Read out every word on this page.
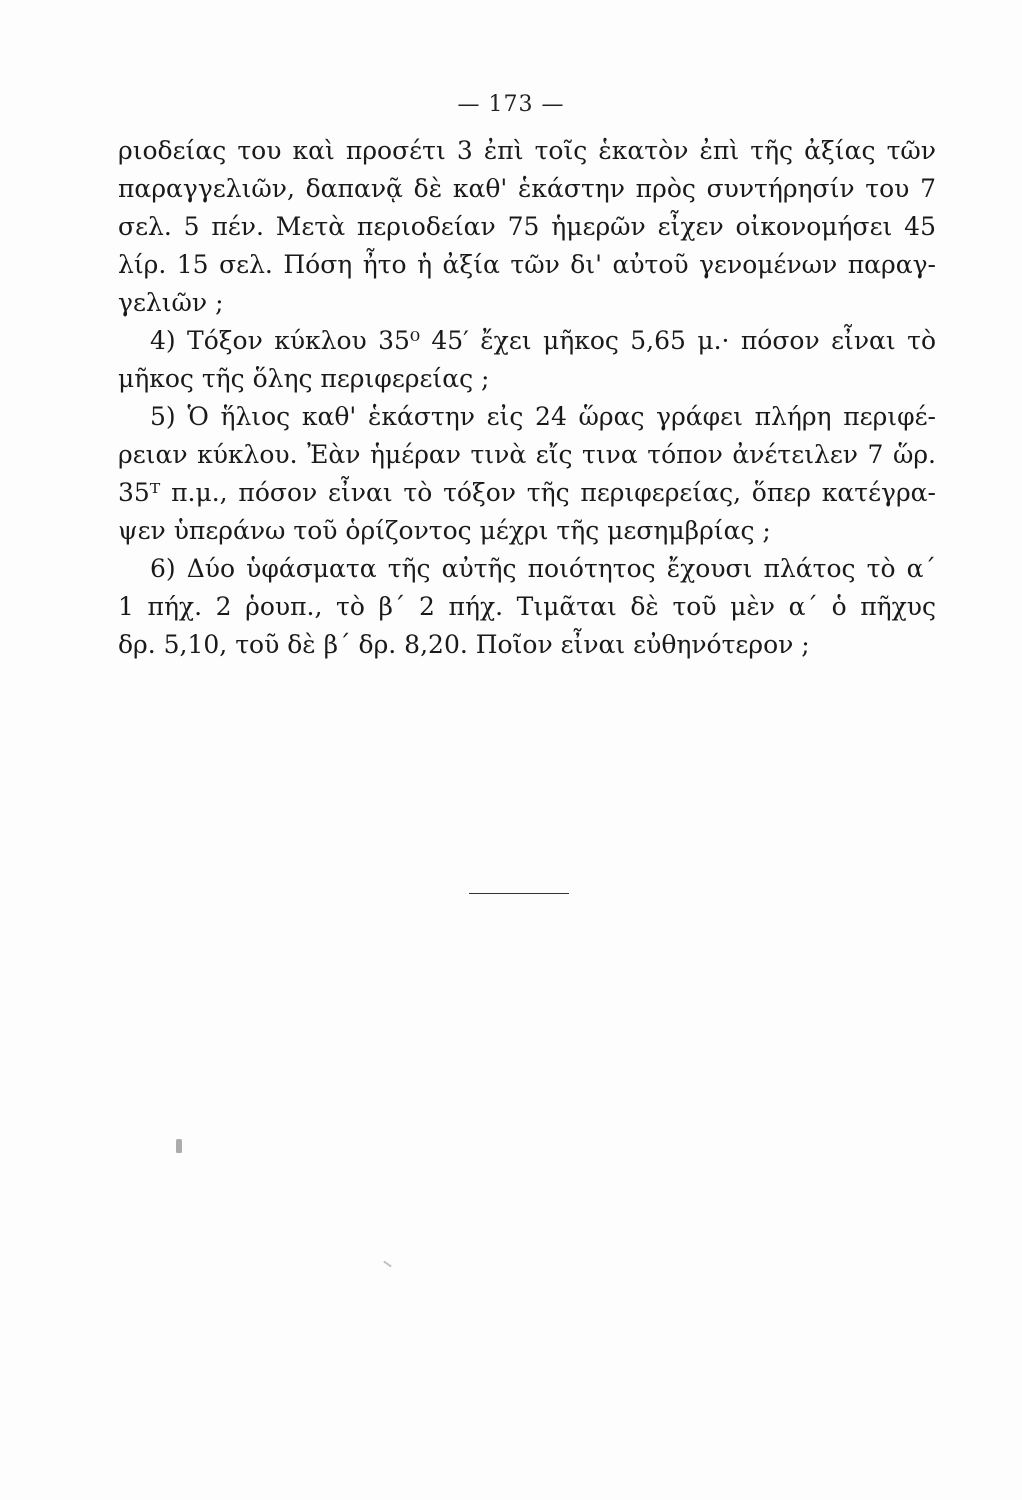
— 173 —
ριοδείας του καὶ προσέτι 3 ἐπὶ τοῖς ἑκατὸν ἐπὶ τῆς ἀξίας τῶν
παραγγελιῶν, δαπανᾷ δὲ καθ' ἑκάστην πρὸς συντήρησίν του 7
σελ. 5 πέν. Μετὰ περιοδείαν 75 ἡμερῶν εἶχεν οἰκονομήσει 45
λίρ. 15 σελ. Πόση ἦτο ἡ ἀξία τῶν δι' αὐτοῦ γενομένων παραγ-
γελιῶν ;
4) Τόξον κύκλου 35⁰ 45′ ἔχει μῆκος 5,65 μ.· πόσον εἶναι τὸ
μῆκος τῆς ὅλης περιφερείας ;
5) Ὁ ἥλιος καθ' ἑκάστην εἰς 24 ὥρας γράφει πλήρη περιφέ-
ρειαν κύκλου. Ἐὰν ἡμέραν τινὰ εἴς τινα τόπον ἀνέτειλεν 7 ὥρ.
35ᵀ π.μ., πόσον εἶναι τὸ τόξον τῆς περιφερείας, ὅπερ κατέγρα-
ψεν ὑπεράνω τοῦ ὁρίζοντος μέχρι τῆς μεσημβρίας ;
6) Δύο ὑφάσματα τῆς αὐτῆς ποιότητος ἔχουσι πλάτος τὸ α΄
1 πήχ. 2 ῥουπ., τὸ β΄ 2 πήχ. Τιμᾶται δὲ τοῦ μὲν α΄ ὁ πῆχυς
δρ. 5,10, τοῦ δὲ β΄ δρ. 8,20. Ποῖον εἶναι εὐθηνότερον ;
